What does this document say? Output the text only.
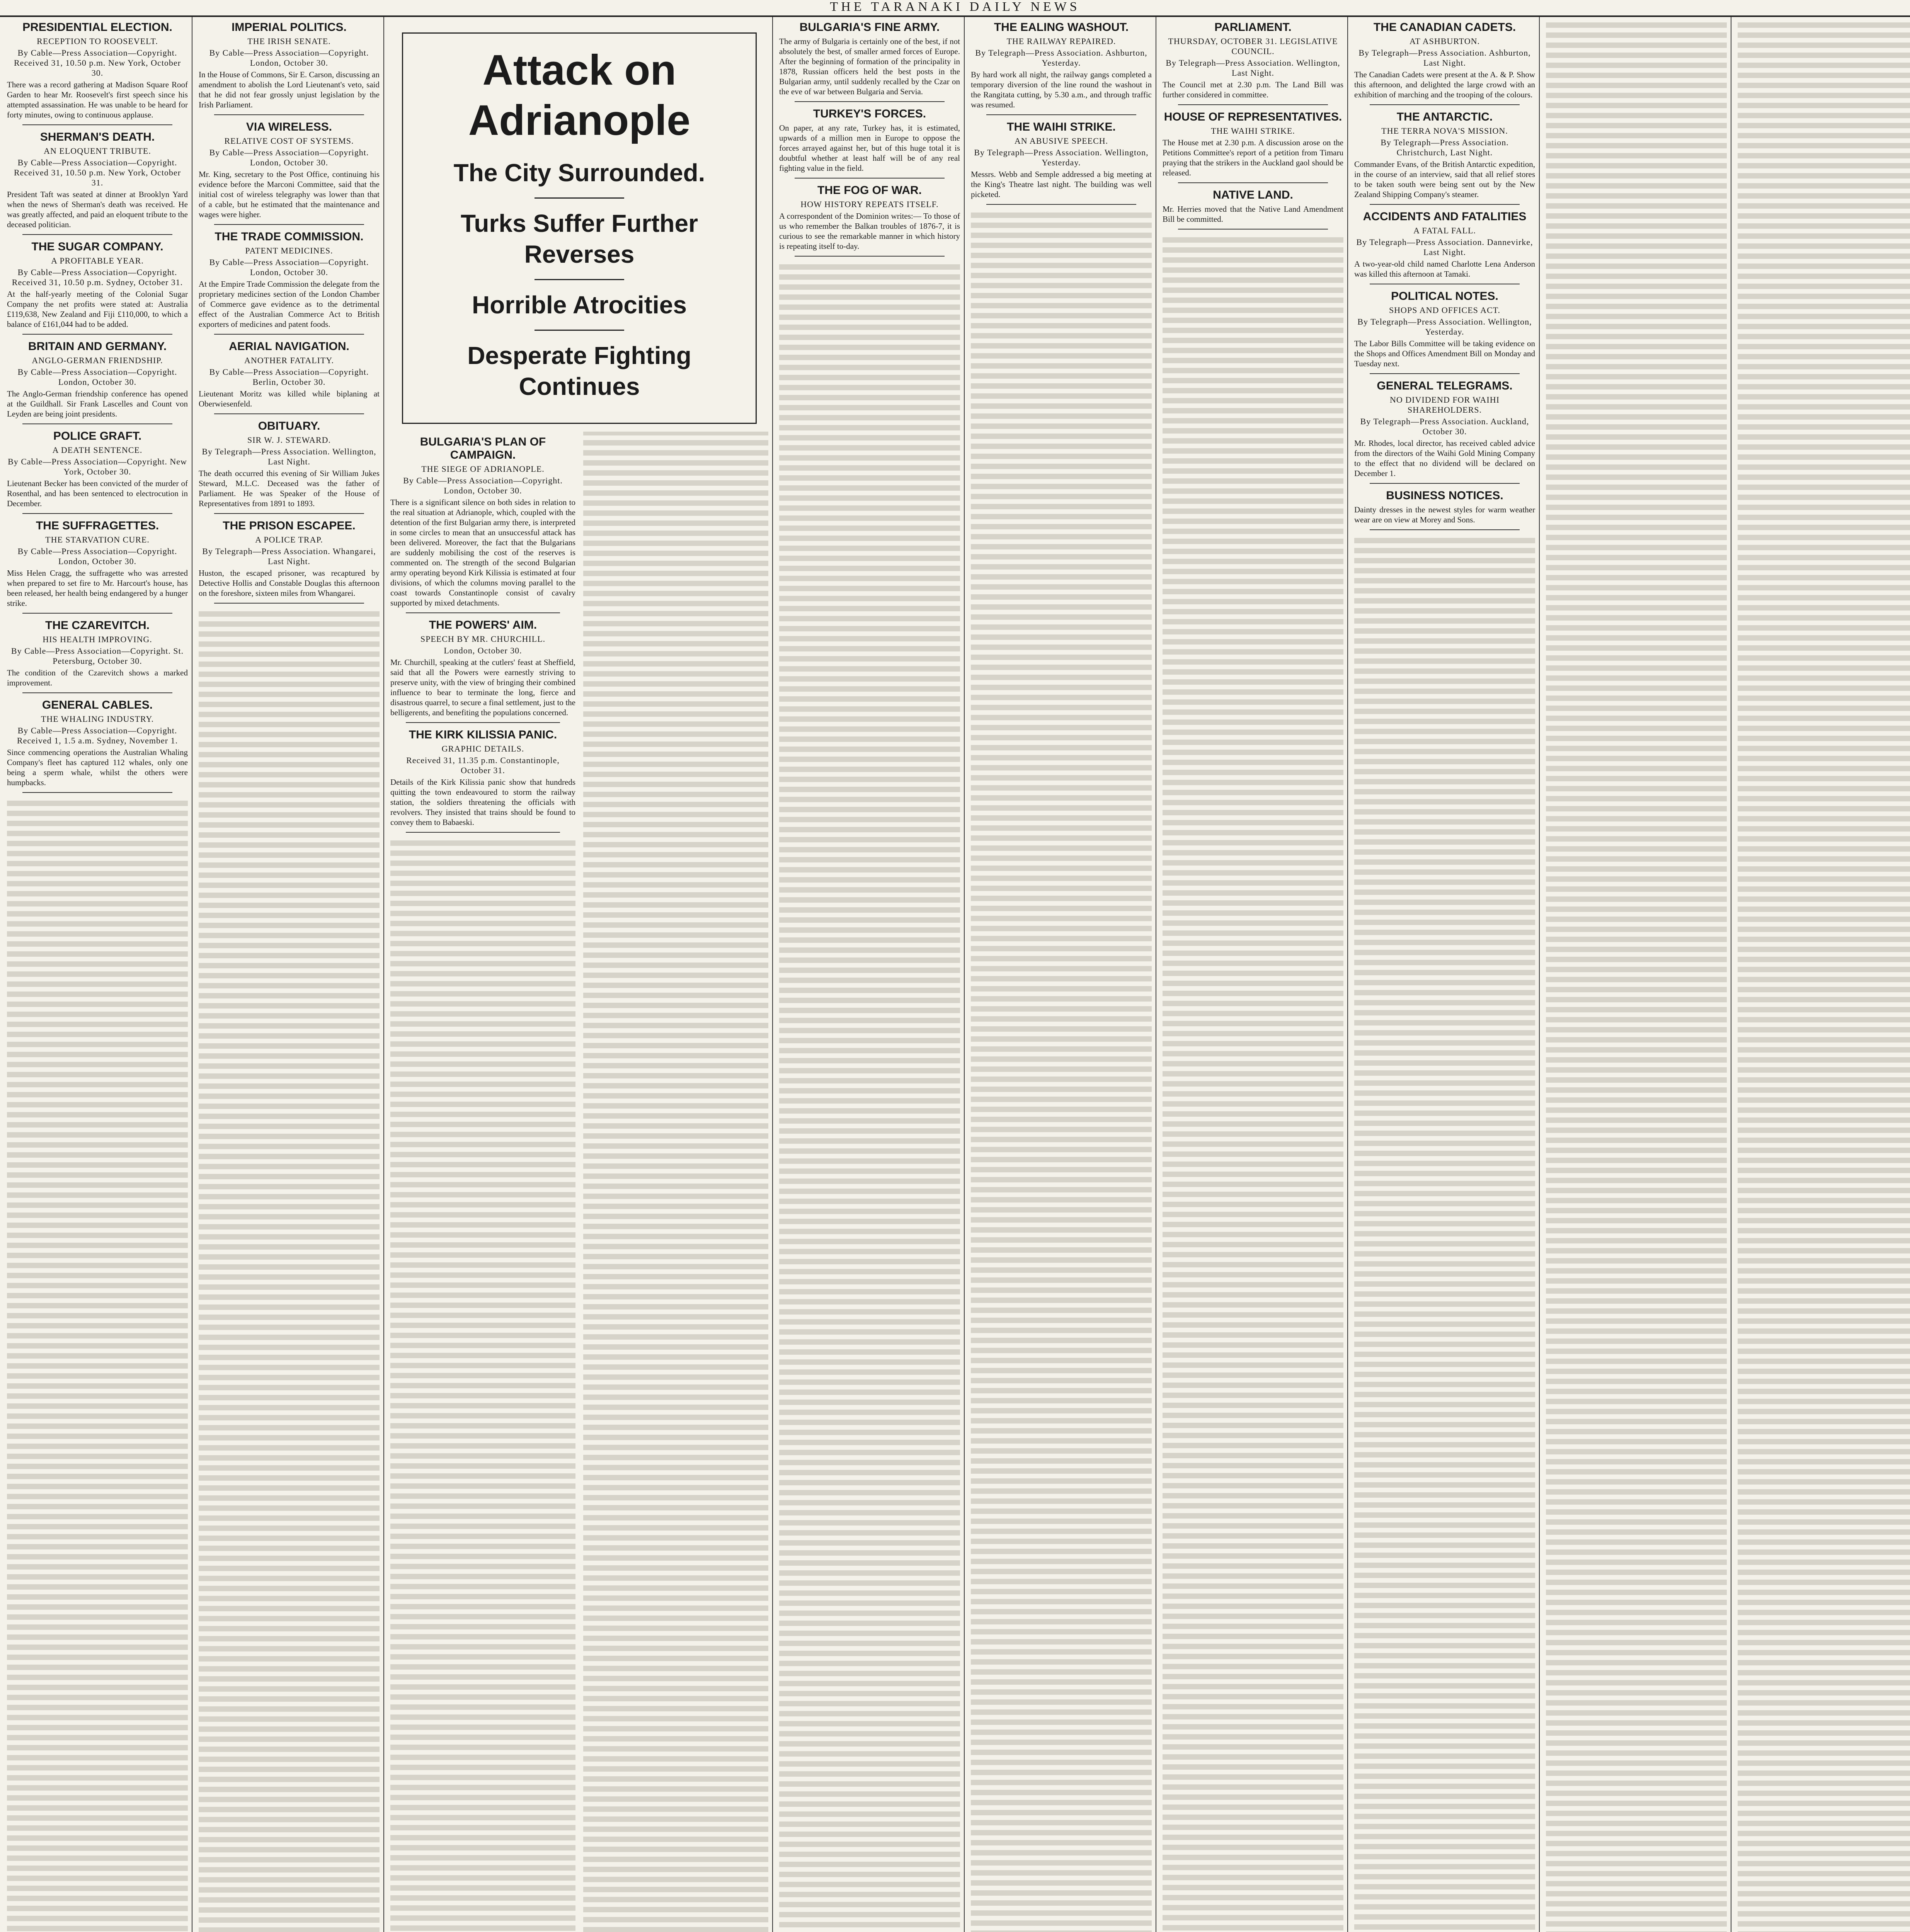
THE TARANAKI DAILY NEWS
PRESIDENTIAL ELECTION.
RECEPTION TO ROOSEVELT.
By Cable—Press Association—Copyright. Received 31, 10.50 p.m. New York, October 30.

There was a record gathering at Madison Square Roof Garden to hear Mr. Roosevelt's first speech since his attempted assassination. He was unable to be heard for forty minutes, owing to continuous applause.

SHERMAN'S DEATH.
AN ELOQUENT TRIBUTE.
By Cable—Press Association—Copyright. Received 31, 10.50 p.m. New York, October 31.

President Taft was seated at dinner at Brooklyn Yard when the news of Sherman's death was received. He was greatly affected, and paid an eloquent tribute to the deceased politician.

THE SUGAR COMPANY.
A PROFITABLE YEAR.
By Cable—Press Association—Copyright. Received 31, 10.50 p.m. Sydney, October 31.

At the half-yearly meeting of the Colonial Sugar Company the net profits were stated at: Australia £119,638, New Zealand and Fiji £110,000, to which a balance of £161,044 had to be added.

BRITAIN AND GERMANY.
ANGLO-GERMAN FRIENDSHIP.
By Cable—Press Association—Copyright. London, October 30.

The Anglo-German friendship conference has opened at the Guildhall. Sir Frank Lascelles and Count von Leyden are being joint presidents.

POLICE GRAFT.
A DEATH SENTENCE.
By Cable—Press Association—Copyright. New York, October 30.

Lieutenant Becker has been convicted of the murder of Rosenthal, and has been sentenced to electrocution in December.

THE SUFFRAGETTES.
THE STARVATION CURE.
By Cable—Press Association—Copyright. London, October 30.

Miss Helen Cragg, the suffragette who was arrested when prepared to set fire to Mr. Harcourt's house, has been released, her health being endangered by a hunger strike.

THE CZAREVITCH.
HIS HEALTH IMPROVING.
By Cable—Press Association—Copyright. St. Petersburg, October 30.

The condition of the Czarevitch shows a marked improvement.

GENERAL CABLES.
THE WHALING INDUSTRY.
By Cable—Press Association—Copyright. Received 1, 1.5 a.m. Sydney, November 1.

Since commencing operations the Australian Whaling Company's fleet has captured 112 whales, only one being a sperm whale, whilst the others were humpbacks.

IMPERIAL POLITICS.
THE IRISH SENATE.
By Cable—Press Association—Copyright. London, October 30.

In the House of Commons, Sir E. Carson, discussing an amendment to abolish the Lord Lieutenant's veto, said that he did not fear grossly unjust legislation by the Irish Parliament.

VIA WIRELESS.
RELATIVE COST OF SYSTEMS.
By Cable—Press Association—Copyright. London, October 30.

Mr. King, secretary to the Post Office, continuing his evidence before the Marconi Committee, said that the initial cost of wireless telegraphy was lower than that of a cable, but he estimated that the maintenance and wages were higher.

THE TRADE COMMISSION.
PATENT MEDICINES.
By Cable—Press Association—Copyright. London, October 30.

At the Empire Trade Commission the delegate from the proprietary medicines section of the London Chamber of Commerce gave evidence as to the detrimental effect of the Australian Commerce Act to British exporters of medicines and patent foods.

AERIAL NAVIGATION.
ANOTHER FATALITY.
By Cable—Press Association—Copyright. Berlin, October 30.

Lieutenant Moritz was killed while biplaning at Oberwiesenfeld.

OBITUARY.
SIR W. J. STEWARD.
By Telegraph—Press Association. Wellington, Last Night.

The death occurred this evening of Sir William Jukes Steward, M.L.C. Deceased was the father of Parliament. He was Speaker of the House of Representatives from 1891 to 1893.

THE PRISON ESCAPEE.
A POLICE TRAP.
By Telegraph—Press Association. Whangarei, Last Night.

Huston, the escaped prisoner, was recaptured by Detective Hollis and Constable Douglas this afternoon on the foreshore, sixteen miles from Whangarei.

Attack on Adrianople
The City Surrounded.
Turks Suffer Further Reverses
Horrible Atrocities
Desperate Fighting Continues
BULGARIA'S PLAN OF CAMPAIGN.
THE SIEGE OF ADRIANOPLE.
By Cable—Press Association—Copyright. London, October 30.

There is a significant silence on both sides in relation to the real situation at Adrianople, which, coupled with the detention of the first Bulgarian army there, is interpreted in some circles to mean that an unsuccessful attack has been delivered. Moreover, the fact that the Bulgarians are suddenly mobilising the cost of the reserves is commented on. The strength of the second Bulgarian army operating beyond Kirk Kilissia is estimated at four divisions, of which the columns moving parallel to the coast towards Constantinople consist of cavalry supported by mixed detachments.

THE POWERS' AIM.
SPEECH BY MR. CHURCHILL.
London, October 30.

Mr. Churchill, speaking at the cutlers' feast at Sheffield, said that all the Powers were earnestly striving to preserve unity, with the view of bringing their combined influence to bear to terminate the long, fierce and disastrous quarrel, to secure a final settlement, just to the belligerents, and benefiting the populations concerned.

THE KIRK KILISSIA PANIC.
GRAPHIC DETAILS.
Received 31, 11.35 p.m. Constantinople, October 31.

Details of the Kirk Kilissia panic show that hundreds quitting the town endeavoured to storm the railway station, the soldiers threatening the officials with revolvers. They insisted that trains should be found to convey them to Babaeski.

BULGARIA'S FINE ARMY.

The army of Bulgaria is certainly one of the best, if not absolutely the best, of smaller armed forces of Europe. After the beginning of formation of the principality in 1878, Russian officers held the best posts in the Bulgarian army, until suddenly recalled by the Czar on the eve of war between Bulgaria and Servia.

TURKEY'S FORCES.

On paper, at any rate, Turkey has, it is estimated, upwards of a million men in Europe to oppose the forces arrayed against her, but of this huge total it is doubtful whether at least half will be of any real fighting value in the field.

THE FOG OF WAR.
HOW HISTORY REPEATS ITSELF.

A correspondent of the Dominion writes:— To those of us who remember the Balkan troubles of 1876-7, it is curious to see the remarkable manner in which history is repeating itself to-day.

THE EALING WASHOUT.
THE RAILWAY REPAIRED.
By Telegraph—Press Association. Ashburton, Yesterday.

By hard work all night, the railway gangs completed a temporary diversion of the line round the washout in the Rangitata cutting, by 5.30 a.m., and through traffic was resumed.

THE WAIHI STRIKE.
AN ABUSIVE SPEECH.
By Telegraph—Press Association. Wellington, Yesterday.

Messrs. Webb and Semple addressed a big meeting at the King's Theatre last night. The building was well picketed.

PARLIAMENT.
THURSDAY, OCTOBER 31. LEGISLATIVE COUNCIL.
By Telegraph—Press Association. Wellington, Last Night.

The Council met at 2.30 p.m. The Land Bill was further considered in committee.

HOUSE OF REPRESENTATIVES.
THE WAIHI STRIKE.

The House met at 2.30 p.m. A discussion arose on the Petitions Committee's report of a petition from Timaru praying that the strikers in the Auckland gaol should be released.

NATIVE LAND.

Mr. Herries moved that the Native Land Amendment Bill be committed.

THE CANADIAN CADETS.
AT ASHBURTON.
By Telegraph—Press Association. Ashburton, Last Night.

The Canadian Cadets were present at the A. & P. Show this afternoon, and delighted the large crowd with an exhibition of marching and the trooping of the colours.

THE ANTARCTIC.
THE TERRA NOVA'S MISSION.
By Telegraph—Press Association. Christchurch, Last Night.

Commander Evans, of the British Antarctic expedition, in the course of an interview, said that all relief stores to be taken south were being sent out by the New Zealand Shipping Company's steamer.

ACCIDENTS AND FATALITIES
A FATAL FALL.
By Telegraph—Press Association. Dannevirke, Last Night.

A two-year-old child named Charlotte Lena Anderson was killed this afternoon at Tamaki.

POLITICAL NOTES.
SHOPS AND OFFICES ACT.
By Telegraph—Press Association. Wellington, Yesterday.

The Labor Bills Committee will be taking evidence on the Shops and Offices Amendment Bill on Monday and Tuesday next.

GENERAL TELEGRAMS.
NO DIVIDEND FOR WAIHI SHAREHOLDERS.
By Telegraph—Press Association. Auckland, October 30.

Mr. Rhodes, local director, has received cabled advice from the directors of the Waihi Gold Mining Company to the effect that no dividend will be declared on December 1.

BUSINESS NOTICES.

Dainty dresses in the newest styles for warm weather wear are on view at Morey and Sons.
